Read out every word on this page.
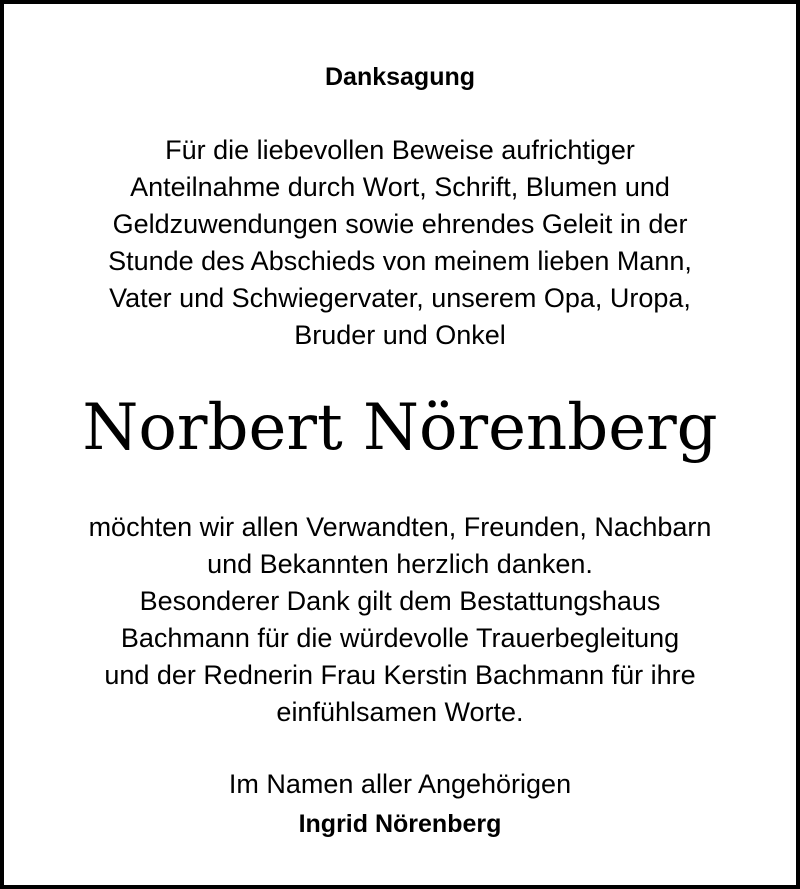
Danksagung

Für die liebevollen Beweise aufrichtiger
Anteilnahme durch Wort, Schrift, Blumen und
Geldzuwendungen sowie ehrendes Geleit in der
Stunde des Abschieds von meinem lieben Mann,
Vater und Schwiegervater, unserem Opa, Uropa,
Bruder und Onkel

Norbert Nörenberg

möchten wir allen Verwandten, Freunden, Nachbarn
und Bekannten herzlich danken.
Besonderer Dank gilt dem Bestattungshaus
Bachmann für die würdevolle Trauerbegleitung
und der Rednerin Frau Kerstin Bachmann für ihre
einfühlsamen Worte.

Im Namen aller Angehörigen

Ingrid Nörenberg
